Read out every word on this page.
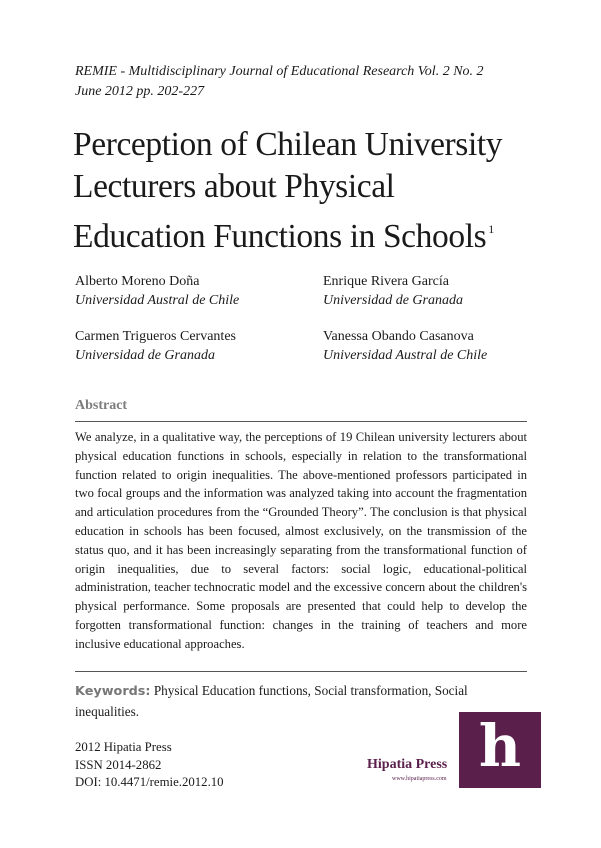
REMIE - Multidisciplinary Journal of Educational Research Vol. 2 No. 2
June 2012 pp. 202-227
Perception of Chilean University
Lecturers about Physical
Education Functions in Schools $^1$
Alberto Moreno Doña
Universidad Austral de Chile
Enrique Rivera García
Universidad de Granada
Carmen Trigueros Cervantes
Universidad de Granada
Vanessa Obando Casanova
Universidad Austral de Chile
Abstract
We analyze, in a qualitative way, the perceptions of 19 Chilean university lecturers about physical education functions in schools, especially in relation to the transformational function related to origin inequalities. The above-mentioned professors participated in two focal groups and the information was analyzed taking into account the fragmentation and articulation procedures from the “Grounded Theory”. The conclusion is that physical education in schools has been focused, almost exclusively, on the transmission of the status quo, and it has been increasingly separating from the transformational function of origin inequalities, due to several factors: social logic, educational-political administration, teacher technocratic model and the excessive concern about the children's physical performance. Some proposals are presented that could help to develop the forgotten transformational function: changes in the training of teachers and more inclusive educational approaches.
Keywords: Physical Education functions, Social transformation, Social inequalities.
2012 Hipatia Press
ISSN 2014-2862
DOI: 10.4471/remie.2012.10
h
Hipatia Press
www.hipatiapress.com
